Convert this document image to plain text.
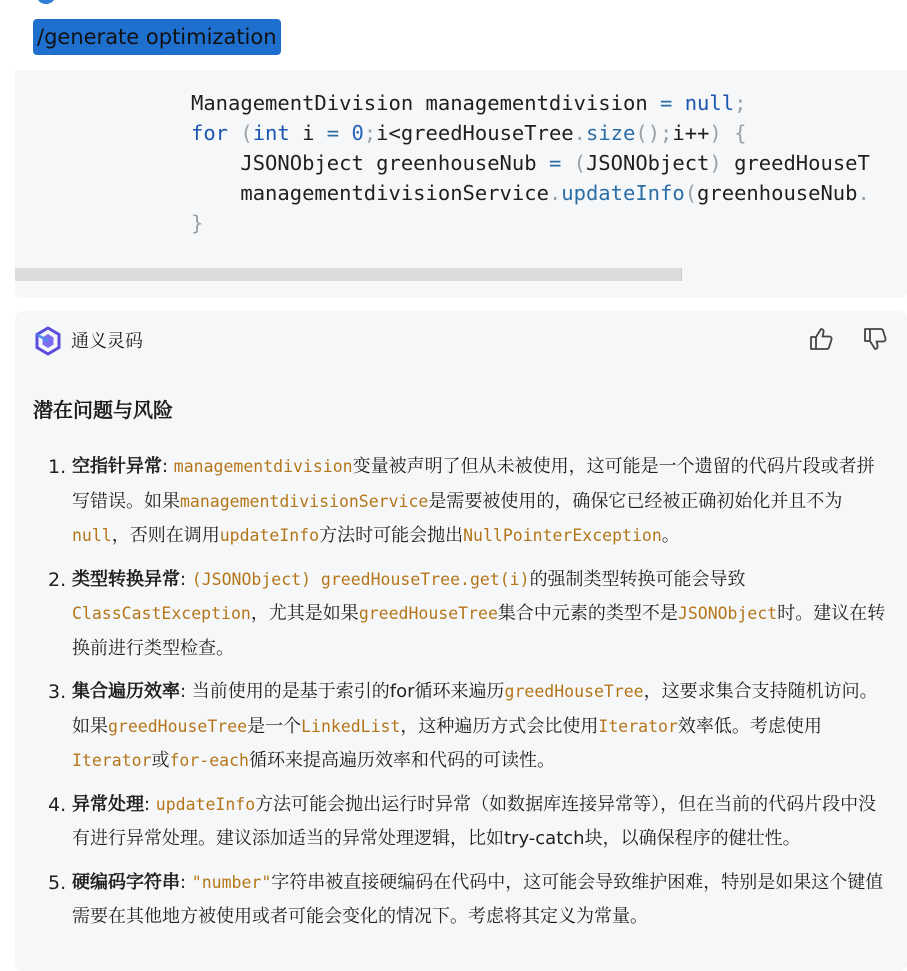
/generate optimization
ManagementDivision managementdivision = null;
for (int i = 0;i<greedHouseTree.size();i++) {
JSONObject greenhouseNub = (JSONObject) greedHouseT
managementdivisionService.updateInfo(greenhouseNub.
}
通义灵码
潜在问题与风险
1. 空指针异常: managementdivision变量被声明了但从未被使用，这可能是一个遗留的代码片段或者拼写错误。如果managementdivisionService是需要被使用的，确保它已经被正确初始化并且不为null，否则在调用updateInfo方法时可能会抛出NullPointerException。
2. 类型转换异常: (JSONObject) greedHouseTree.get(i)的强制类型转换可能会导致ClassCastException，尤其是如果greedHouseTree集合中元素的类型不是JSONObject时。建议在转换前进行类型检查。
3. 集合遍历效率: 当前使用的是基于索引的for循环来遍历greedHouseTree，这要求集合支持随机访问。如果greedHouseTree是一个LinkedList，这种遍历方式会比使用Iterator效率低。考虑使用Iterator或for-each循环来提高遍历效率和代码的可读性。
4. 异常处理: updateInfo方法可能会抛出运行时异常（如数据库连接异常等），但在当前的代码片段中没有进行异常处理。建议添加适当的异常处理逻辑，比如try-catch块，以确保程序的健壮性。
5. 硬编码字符串: "number"字符串被直接硬编码在代码中，这可能会导致维护困难，特别是如果这个键值需要在其他地方被使用或者可能会变化的情况下。考虑将其定义为常量。
